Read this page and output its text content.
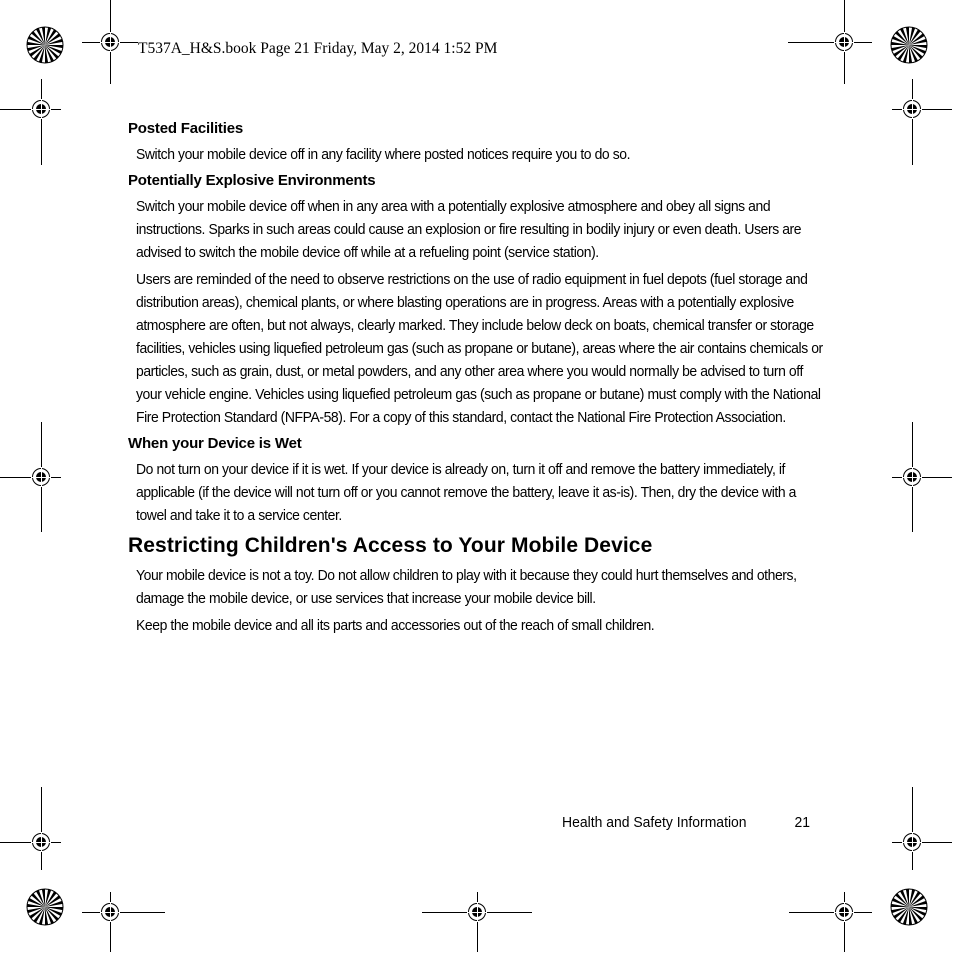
T537A_H&S.book Page 21 Friday, May 2, 2014 1:52 PM
Posted Facilities

Switch your mobile device off in any facility where posted notices require you to do so.

Potentially Explosive Environments

Switch your mobile device off when in any area with a potentially explosive atmosphere and obey all signs and instructions. Sparks in such areas could cause an explosion or fire resulting in bodily injury or even death. Users are advised to switch the mobile device off while at a refueling point (service station).

Users are reminded of the need to observe restrictions on the use of radio equipment in fuel depots (fuel storage and distribution areas), chemical plants, or where blasting operations are in progress. Areas with a potentially explosive atmosphere are often, but not always, clearly marked. They include below deck on boats, chemical transfer or storage facilities, vehicles using liquefied petroleum gas (such as propane or butane), areas where the air contains chemicals or particles, such as grain, dust, or metal powders, and any other area where you would normally be advised to turn off your vehicle engine. Vehicles using liquefied petroleum gas (such as propane or butane) must comply with the National Fire Protection Standard (NFPA-58). For a copy of this standard, contact the National Fire Protection Association.

When your Device is Wet

Do not turn on your device if it is wet. If your device is already on, turn it off and remove the battery immediately, if applicable (if the device will not turn off or you cannot remove the battery, leave it as-is). Then, dry the device with a towel and take it to a service center.

Restricting Children's Access to Your Mobile Device

Your mobile device is not a toy. Do not allow children to play with it because they could hurt themselves and others, damage the mobile device, or use services that increase your mobile device bill.

Keep the mobile device and all its parts and accessories out of the reach of small children.

Health and Safety Information	21
